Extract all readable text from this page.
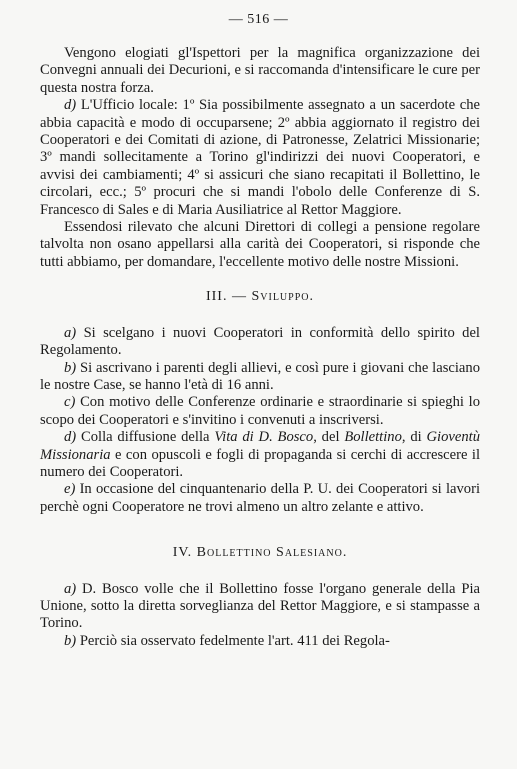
— 516 —

Vengono elogiati gl'Ispettori per la magnifica organizzazione dei Convegni annuali dei Decurioni, e si raccomanda d'intensificare le cure per questa nostra forza.

d) L'Ufficio locale: 1º Sia possibilmente assegnato a un sacerdote che abbia capacità e modo di occuparsene; 2º abbia aggiornato il registro dei Cooperatori e dei Comitati di azione, di Patronesse, Zelatrici Missionarie; 3º mandi sollecitamente a Torino gl'indirizzi dei nuovi Cooperatori, e avvisi dei cambiamenti; 4º si assicuri che siano recapitati il Bollettino, le circolari, ecc.; 5º procuri che si mandi l'obolo delle Conferenze di S. Francesco di Sales e di Maria Ausiliatrice al Rettor Maggiore.

Essendosi rilevato che alcuni Direttori di collegi a pensione regolare talvolta non osano appellarsi alla carità dei Cooperatori, si risponde che tutti abbiamo, per domandare, l'eccellente motivo delle nostre Missioni.

III. — Sviluppo.

a) Si scelgano i nuovi Cooperatori in conformità dello spirito del Regolamento.

b) Si ascrivano i parenti degli allievi, e così pure i giovani che lasciano le nostre Case, se hanno l'età di 16 anni.

c) Con motivo delle Conferenze ordinarie e straordinarie si spieghi lo scopo dei Cooperatori e s'invitino i convenuti a inscriversi.

d) Colla diffusione della Vita di D. Bosco, del Bollettino, di Gioventù Missionaria e con opuscoli e fogli di propaganda si cerchi di accrescere il numero dei Cooperatori.

e) In occasione del cinquantenario della P. U. dei Cooperatori si lavori perchè ogni Cooperatore ne trovi almeno un altro zelante e attivo.

IV. Bollettino Salesiano.

a) D. Bosco volle che il Bollettino fosse l'organo generale della Pia Unione, sotto la diretta sorveglianza del Rettor Maggiore, e si stampasse a Torino.

b) Perciò sia osservato fedelmente l'art. 411 dei Regola-
